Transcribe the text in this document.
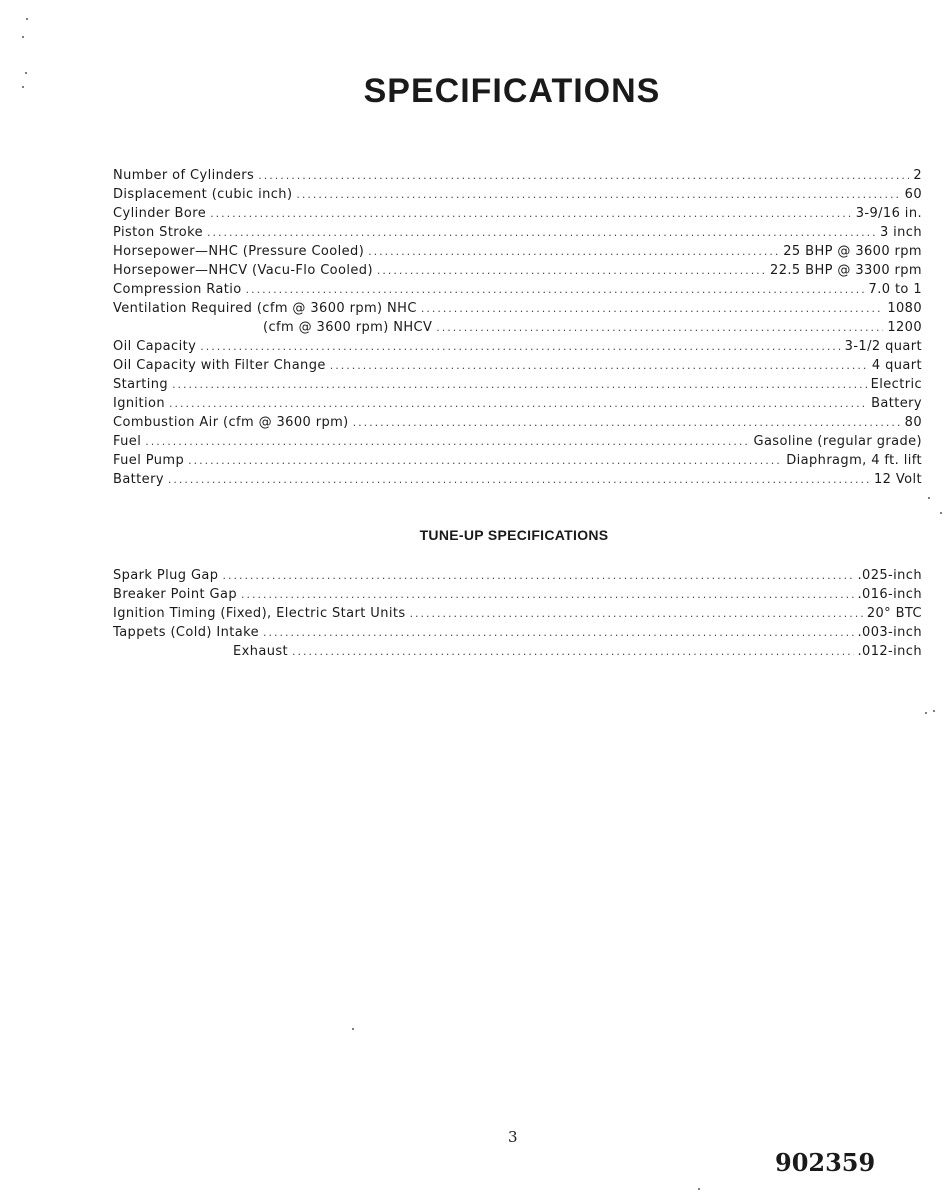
SPECIFICATIONS
Number of Cylinders .....	2
Displacement (cubic inch) .....	60
Cylinder Bore .....	3-9/16 in.
Piston Stroke .....	3 inch
Horsepower—NHC (Pressure Cooled) .....	25 BHP @ 3600 rpm
Horsepower—NHCV (Vacu-Flo Cooled) .....	22.5 BHP @ 3300 rpm
Compression Ratio .....	7.0 to 1
Ventilation Required (cfm @ 3600 rpm) NHC .....	1080
(cfm @ 3600 rpm) NHCV .....	1200
Oil Capacity .....	3-1/2 quart
Oil Capacity with Filter Change .....	4 quart
Starting .....	Electric
Ignition .....	Battery
Combustion Air (cfm @ 3600 rpm) .....	80
Fuel .....	Gasoline (regular grade)
Fuel Pump .....	Diaphragm, 4 ft. lift
Battery .....	12 Volt
TUNE-UP SPECIFICATIONS
Spark Plug Gap .....	.025-inch
Breaker Point Gap .....	.016-inch
Ignition Timing (Fixed), Electric Start Units .....	20° BTC
Tappets (Cold) Intake .....	.003-inch
Exhaust .....	.012-inch
3
902359
